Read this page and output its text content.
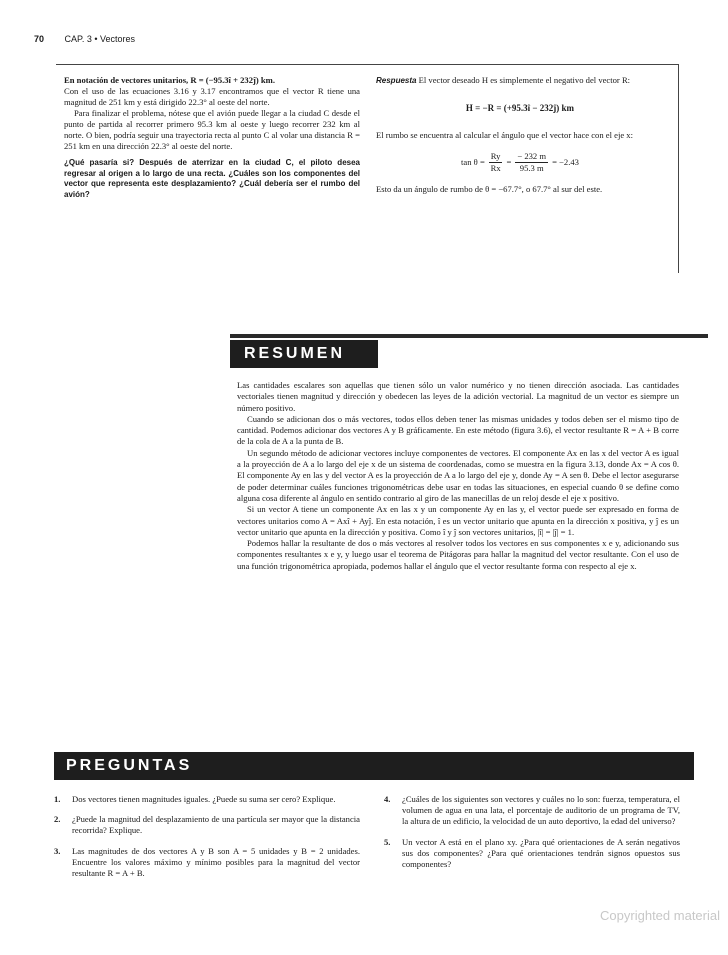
70 CAP. 3 • Vectores

En notación de vectores unitarios, R = (−95.3î + 232ĵ) km.

Con el uso de las ecuaciones 3.16 y 3.17 encontramos que el vector R tiene una magnitud de 251 km y está dirigido 22.3° al oeste del norte.

Para finalizar el problema, nótese que el avión puede llegar a la ciudad C desde el punto de partida al recorrer primero 95.3 km al oeste y luego recorrer 232 km al norte. O bien, podría seguir una trayectoria recta al punto C al volar una distancia R = 251 km en una dirección 22.3° al oeste del norte.

¿Qué pasaría si? Después de aterrizar en la ciudad C, el piloto desea regresar al origen a lo largo de una recta. ¿Cuáles son los componentes del vector que representa este desplazamiento? ¿Cuál debería ser el rumbo del avión?

Respuesta El vector deseado H es simplemente el negativo del vector R:

H = −R = (+95.3î − 232ĵ) km

El rumbo se encuentra al calcular el ángulo que el vector hace con el eje x:

$\tan \theta = \frac{Ry}{Rx} = \frac{- 232 m}{95.3 m} = -2.43$

Esto da un ángulo de rumbo de θ = −67.7°, o 67.7° al sur del este.

RESUMEN

Las cantidades escalares son aquellas que tienen sólo un valor numérico y no tienen dirección asociada. Las cantidades vectoriales tienen magnitud y dirección y obedecen las leyes de la adición vectorial. La magnitud de un vector es siempre un número positivo.

Cuando se adicionan dos o más vectores, todos ellos deben tener las mismas unidades y todos deben ser el mismo tipo de cantidad. Podemos adicionar dos vectores A y B gráficamente. En este método (figura 3.6), el vector resultante R = A + B corre de la cola de A a la punta de B.

Un segundo método de adicionar vectores incluye componentes de vectores. El componente Ax en las x del vector A es igual a la proyección de A a lo largo del eje x de un sistema de coordenadas, como se muestra en la figura 3.13, donde Ax = A cos θ. El componente Ay en las y del vector A es la proyección de A a lo largo del eje y, donde Ay = A sen θ. Debe el lector asegurarse de poder determinar cuáles funciones trigonométricas debe usar en todas las situaciones, en especial cuando θ se define como alguna cosa diferente al ángulo en sentido contrario al giro de las manecillas de un reloj desde el eje x positivo.

Si un vector A tiene un componente Ax en las x y un componente Ay en las y, el vector puede ser expresado en forma de vectores unitarios como A = Axî + Ayĵ. En esta notación, î es un vector unitario que apunta en la dirección x positiva, y ĵ es un vector unitario que apunta en la dirección y positiva. Como î y ĵ son vectores unitarios, |î| = |ĵ| = 1.

Podemos hallar la resultante de dos o más vectores al resolver todos los vectores en sus componentes x e y, adicionando sus componentes resultantes x e y, y luego usar el teorema de Pitágoras para hallar la magnitud del vector resultante. Con el uso de una función trigonométrica apropiada, podemos hallar el ángulo que el vector resultante forma con respecto al eje x.

PREGUNTAS
1.	Dos vectores tienen magnitudes iguales. ¿Puede su suma ser cero? Explique.
2.	¿Puede la magnitud del desplazamiento de una partícula ser mayor que la distancia recorrida? Explique.
3.	Las magnitudes de dos vectores A y B son A = 5 unidades y B = 2 unidades. Encuentre los valores máximo y mínimo posibles para la magnitud del vector resultante R = A + B.
4.	¿Cuáles de los siguientes son vectores y cuáles no lo son: fuerza, temperatura, el volumen de agua en una lata, el porcentaje de auditorio de un programa de TV, la altura de un edificio, la velocidad de un auto deportivo, la edad del universo?
5.	Un vector A está en el plano xy. ¿Para qué orientaciones de A serán negativos sus dos componentes? ¿Para qué orientaciones tendrán signos opuestos sus componentes?
Copyrighted material
